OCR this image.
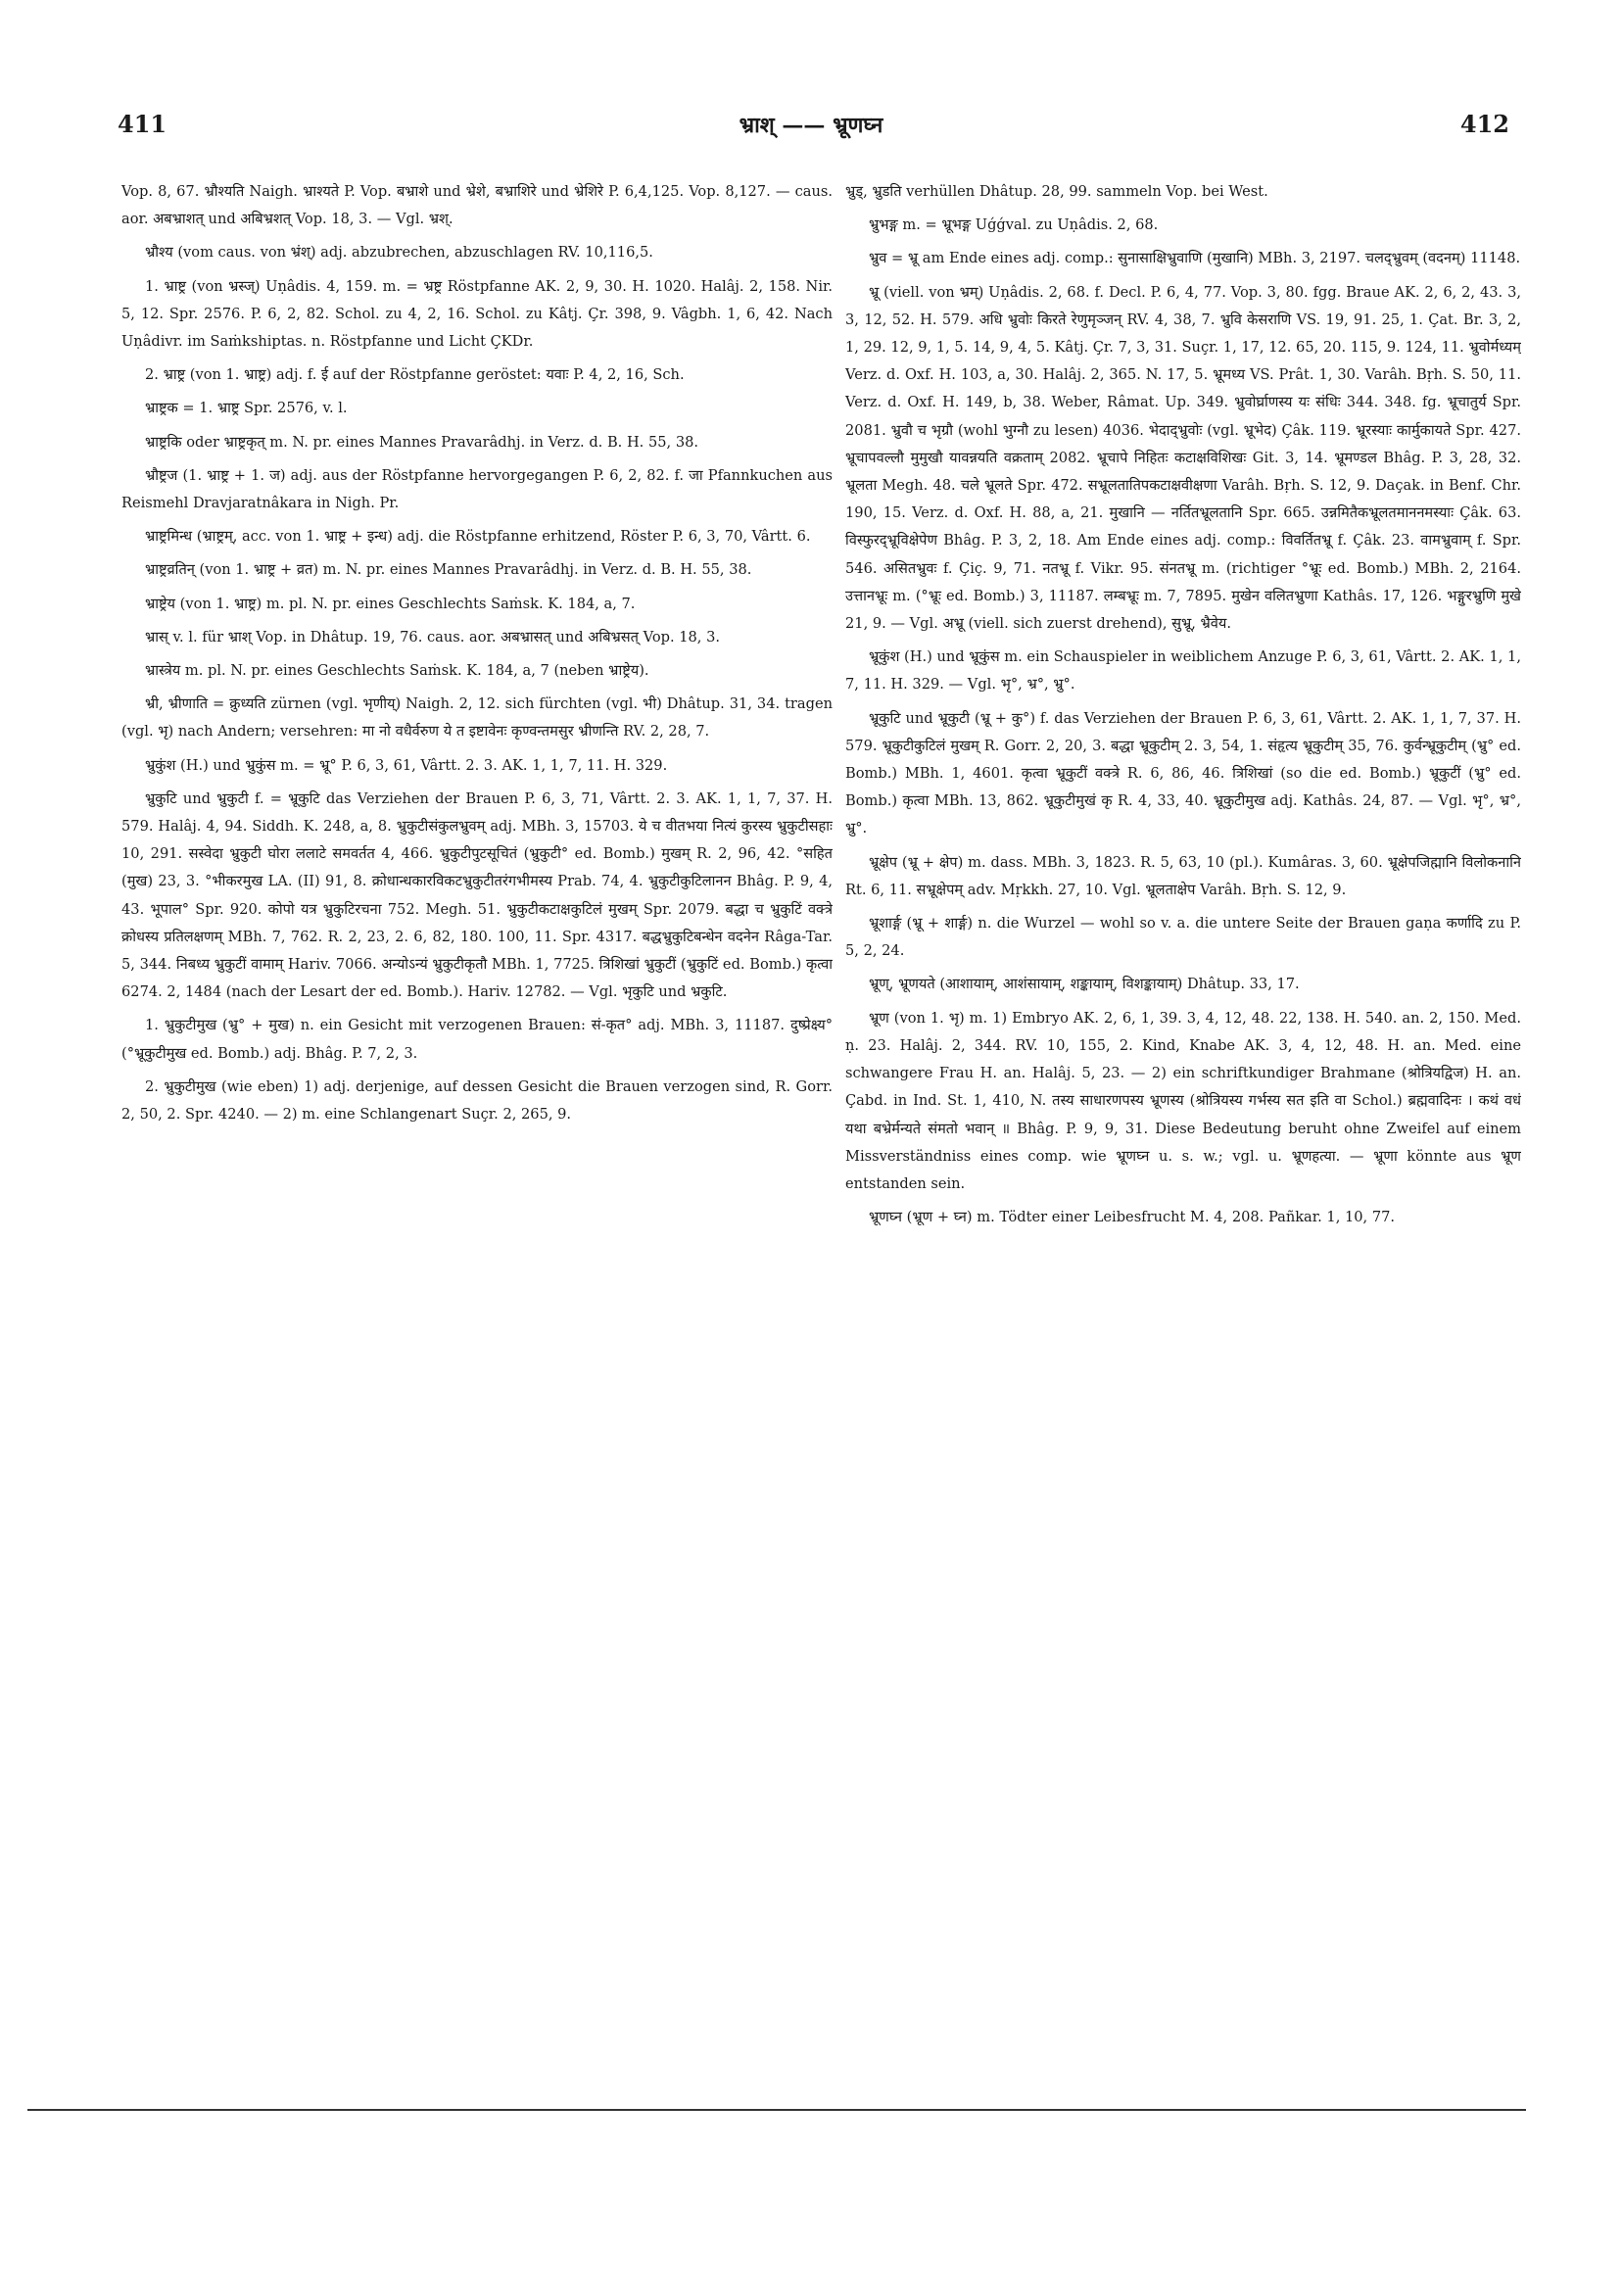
411	भ्राश् —— भ्रूणघ्न	412

Vop. 8, 67. भ्रौश्यति Naigh. भ्राश्यते P. Vop. बभ्राशे und भ्रेशे, बभ्राशिरे und भ्रेशिरे P. 6,4,125. Vop. 8,127. — caus. aor. अबभ्राशत् und अबिभ्रशत् Vop. 18, 3. — Vgl. भ्रश्.

भ्रौश्य (vom caus. von भ्रंश्) adj. abzubrechen, abzuschlagen RV. 10,116,5.

1. भ्राष्ट्र (von भ्रस्ज्) Uṇâdis. 4, 159. m. = भ्रष्ट्र Röstpfanne AK. 2, 9, 30. H. 1020. Halâj. 2, 158. Nir. 5, 12. Spr. 2576. P. 6, 2, 82. Schol. zu 4, 2, 16. Schol. zu Kâtj. Çr. 398, 9. Vâgbh. 1, 6, 42. Nach Uṇâdivr. im Saṁkshiptas. n. Röstpfanne und Licht ÇKDr.

2. भ्राष्ट्र (von 1. भ्राष्ट्र) adj. f. ई auf der Röstpfanne geröstet: यवाः P. 4, 2, 16, Sch.

भ्राष्ट्रक = 1. भ्राष्ट्र Spr. 2576, v. l.

भ्राष्ट्रकि oder भ्राष्ट्रकृत् m. N. pr. eines Mannes Pravarâdhj. in Verz. d. B. H. 55, 38.

भ्रौष्ट्रज (1. भ्राष्ट्र + 1. ज) adj. aus der Röstpfanne hervorgegangen P. 6, 2, 82. f. जा Pfannkuchen aus Reismehl Dravjaratnâkara in Nigh. Pr.

भ्राष्ट्रमिन्ध (भ्राष्ट्रम्, acc. von 1. भ्राष्ट्र + इन्ध) adj. die Röstpfanne erhitzend, Röster P. 6, 3, 70, Vârtt. 6.

भ्राष्ट्रव्रतिन् (von 1. भ्राष्ट्र + व्रत) m. N. pr. eines Mannes Pravarâdhj. in Verz. d. B. H. 55, 38.

भ्राष्ट्रेय (von 1. भ्राष्ट्र) m. pl. N. pr. eines Geschlechts Saṁsk. K. 184, a, 7.

भ्रास् v. l. für भ्राश् Vop. in Dhâtup. 19, 76. caus. aor. अबभ्रासत् und अबिभ्रसत् Vop. 18, 3.

भ्रास्त्रेय m. pl. N. pr. eines Geschlechts Saṁsk. K. 184, a, 7 (neben भ्राष्ट्रेय).

भ्री, भ्रीणाति = क्रुध्यति zürnen (vgl. भृणीय्) Naigh. 2, 12. sich fürchten (vgl. भी) Dhâtup. 31, 34. tragen (vgl. भृ) nach Andern; versehren: मा नो वधैर्वरुण ये त इष्टावेनः कृण्वन्तमसुर भ्रीणन्ति RV. 2, 28, 7.

भ्रुकुंश (H.) und भ्रुकुंस m. = भ्रू° P. 6, 3, 61, Vârtt. 2. 3. AK. 1, 1, 7, 11. H. 329.

भ्रुकुटि und भ्रुकुटी f. = भ्रूकुटि das Verziehen der Brauen P. 6, 3, 71, Vârtt. 2. 3. AK. 1, 1, 7, 37. H. 579. Halâj. 4, 94. Siddh. K. 248, a, 8. भ्रुकुटीसंकुलभ्रुवम् adj. MBh. 3, 15703. ये च वीतभया नित्यं कुरस्य भ्रुकुटीसहाः 10, 291. सस्वेदा भ्रुकुटी घोरा ललाटे समवर्तत 4, 466. भ्रुकुटीपुटसूचितं (भ्रुकुटी° ed. Bomb.) मुखम् R. 2, 96, 42. °सहित (मुख) 23, 3. °भीकरमुख LA. (II) 91, 8. क्रोधान्धकारविकटभ्रुकुटीतरंगभीमस्य Prab. 74, 4. भ्रुकुटीकुटिलानन Bhâg. P. 9, 4, 43. भूपाल° Spr. 920. कोपो यत्र भ्रुकुटिरचना 752. Megh. 51. भ्रुकुटीकटाक्षकुटिलं मुखम् Spr. 2079. बद्धा च भ्रुकुटिं वक्त्रे क्रोधस्य प्रतिलक्षणम् MBh. 7, 762. R. 2, 23, 2. 6, 82, 180. 100, 11. Spr. 4317. बद्धभ्रुकुटिबन्धेन वदनेन Râga-Tar. 5, 344. निबध्य भ्रुकुटीं वामाम् Hariv. 7066. अन्योऽन्यं भ्रुकुटीकृतौ MBh. 1, 7725. त्रिशिखां भ्रुकुटीं (भ्रुकुटिं ed. Bomb.) कृत्वा 6274. 2, 1484 (nach der Lesart der ed. Bomb.). Hariv. 12782. — Vgl. भृकुटि und भ्रकुटि.

1. भ्रुकुटीमुख (भ्रु° + मुख) n. ein Gesicht mit verzogenen Brauen: सं-कृत° adj. MBh. 3, 11187. दुष्प्रेक्ष्य° (°भ्रूकुटीमुख ed. Bomb.) adj. Bhâg. P. 7, 2, 3.

2. भ्रुकुटीमुख (wie eben) 1) adj. derjenige, auf dessen Gesicht die Brauen verzogen sind, R. Gorr. 2, 50, 2. Spr. 4240. — 2) m. eine Schlangenart Suçr. 2, 265, 9.

भ्रुड्, भ्रुडति verhüllen Dhâtup. 28, 99. sammeln Vop. bei West.

भ्रुभङ्ग m. = भ्रूभङ्ग Uǵǵval. zu Uṇâdis. 2, 68.

भ्रुव = भ्रू am Ende eines adj. comp.: सुनासाक्षिभ्रुवाणि (मुखानि) MBh. 3, 2197. चलद्भ्रुवम् (वदनम्) 11148.

भ्रू (viell. von भ्रम्) Uṇâdis. 2, 68. f. Decl. P. 6, 4, 77. Vop. 3, 80. fgg. Braue AK. 2, 6, 2, 43. 3, 3, 12, 52. H. 579. अधि भ्रुवोः किरते रेणुमृञ्जन् RV. 4, 38, 7. भ्रुवि केसराणि VS. 19, 91. 25, 1. Çat. Br. 3, 2, 1, 29. 12, 9, 1, 5. 14, 9, 4, 5. Kâtj. Çr. 7, 3, 31. Suçr. 1, 17, 12. 65, 20. 115, 9. 124, 11. भ्रुवोर्मध्यम् Verz. d. Oxf. H. 103, a, 30. Halâj. 2, 365. N. 17, 5. भ्रूमध्य VS. Prât. 1, 30. Varâh. Bṛh. S. 50, 11. Verz. d. Oxf. H. 149, b, 38. Weber, Râmat. Up. 349. भ्रुवोर्घ्राणस्य यः संधिः 344. 348. fg. भ्रूचातुर्य Spr. 2081. भ्रुवौ च भृग्रौ (wohl भुग्नौ zu lesen) 4036. भेदाद्भ्रुवोः (vgl. भ्रूभेद) Çâk. 119. भ्रूरस्याः कार्मुकायते Spr. 427. भ्रूचापवल्लौ मुमुखौ यावन्नयति वक्रताम् 2082. भ्रूचापे निहितः कटाक्षविशिखः Git. 3, 14. भ्रूमण्डल Bhâg. P. 3, 28, 32. भ्रूलता Megh. 48. चले भ्रूलते Spr. 472. सभ्रूलतातिपकटाक्षवीक्षणा Varâh. Bṛh. S. 12, 9. Daçak. in Benf. Chr. 190, 15. Verz. d. Oxf. H. 88, a, 21. मुखानि — नर्तितभ्रूलतानि Spr. 665. उन्नमितैकभ्रूलतमाननमस्याः Çâk. 63. विस्फुरद्भ्रूविक्षेपेण Bhâg. P. 3, 2, 18. Am Ende eines adj. comp.: विवर्तितभ्रू f. Çâk. 23. वामभ्रुवाम् f. Spr. 546. असितभ्रुवः f. Çiç. 9, 71. नतभ्रू f. Vikr. 95. संनतभ्रू m. (richtiger °भ्रूः ed. Bomb.) MBh. 2, 2164. उत्तानभ्रूः m. (°भ्रूः ed. Bomb.) 3, 11187. लम्बभ्रूः m. 7, 7895. मुखेन वलितभ्रुणा Kathâs. 17, 126. भङ्गुरभ्रुणि मुखे 21, 9. — Vgl. अभ्रू (viell. sich zuerst drehend), सुभ्रू, भ्रैवेय.

भ्रूकुंश (H.) und भ्रूकुंस m. ein Schauspieler in weiblichem Anzuge P. 6, 3, 61, Vârtt. 2. AK. 1, 1, 7, 11. H. 329. — Vgl. भृ°, भ्र°, भ्रु°.

भ्रूकुटि und भ्रूकुटी (भ्रू + कु°) f. das Verziehen der Brauen P. 6, 3, 61, Vârtt. 2. AK. 1, 1, 7, 37. H. 579. भ्रूकुटीकुटिलं मुखम् R. Gorr. 2, 20, 3. बद्धा भ्रूकुटीम् 2. 3, 54, 1. संहृत्य भ्रूकुटीम् 35, 76. कुर्वन्भ्रूकुटीम् (भ्रु° ed. Bomb.) MBh. 1, 4601. कृत्वा भ्रूकुटीं वक्त्रे R. 6, 86, 46. त्रिशिखां (so die ed. Bomb.) भ्रूकुटीं (भ्रु° ed. Bomb.) कृत्वा MBh. 13, 862. भ्रूकुटीमुखं कृ R. 4, 33, 40. भ्रूकुटीमुख adj. Kathâs. 24, 87. — Vgl. भृ°, भ्र°, भ्रु°.

भ्रूक्षेप (भ्रू + क्षेप) m. dass. MBh. 3, 1823. R. 5, 63, 10 (pl.). Kumâras. 3, 60. भ्रूक्षेपजिह्मानि विलोकनानि Rt. 6, 11. सभ्रूक्षेपम् adv. Mṛkkh. 27, 10. Vgl. भ्रूलताक्षेप Varâh. Bṛh. S. 12, 9.

भ्रूशार्ङ्ग (भ्रू + शार्ङ्ग) n. die Wurzel — wohl so v. a. die untere Seite der Brauen gaṇa कर्णादि zu P. 5, 2, 24.

भ्रूण्, भ्रूणयते (आशायाम्, आशंसायाम्, शङ्कायाम्, विशङ्कायाम्) Dhâtup. 33, 17.

भ्रूण (von 1. भृ) m. 1) Embryo AK. 2, 6, 1, 39. 3, 4, 12, 48. 22, 138. H. 540. an. 2, 150. Med. ṇ. 23. Halâj. 2, 344. RV. 10, 155, 2. Kind, Knabe AK. 3, 4, 12, 48. H. an. Med. eine schwangere Frau H. an. Halâj. 5, 23. — 2) ein schriftkundiger Brahmane (श्रोत्रियद्विज) H. an. Çabd. in Ind. St. 1, 410, N. तस्य साधारणपस्य भ्रूणस्य (श्रोत्रियस्य गर्भस्य सत इति वा Schol.) ब्रह्मवादिनः । कथं वधं यथा बभ्रेर्मन्यते संमतो भवान् ॥ Bhâg. P. 9, 9, 31. Diese Bedeutung beruht ohne Zweifel auf einem Missverständniss eines comp. wie भ्रूणघ्न u. s. w.; vgl. u. भ्रूणहत्या. — भ्रूणा könnte aus भ्रूण entstanden sein.

भ्रूणघ्न (भ्रूण + घ्न) m. Tödter einer Leibesfrucht M. 4, 208. Pañkar. 1, 10, 77.
